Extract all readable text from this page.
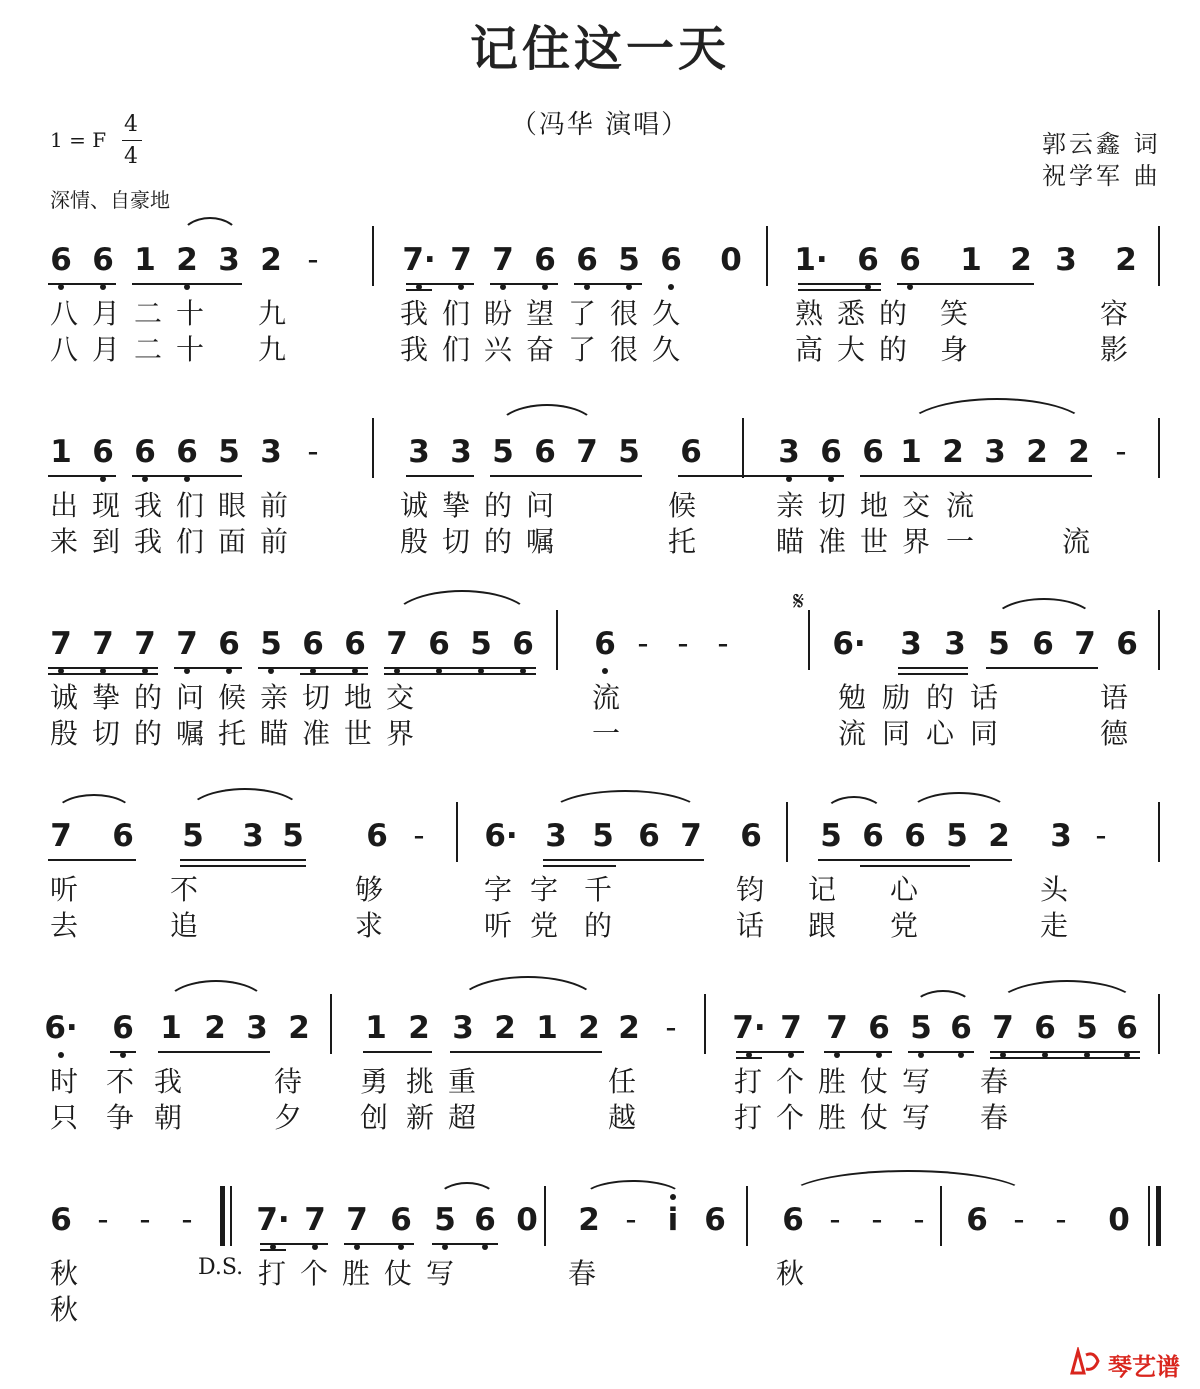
记住这一天
（冯华 演唱）
1 = F
4
4
深情、自豪地
郭云鑫 词
祝学军 曲
𝄋
D.S.
6 6 1 2 3 2 -	7· 7 7 6 6 5 6 0 1· 6 6 1 2 3 2
八 月 二 十 九	我 们 盼 望 了 很 久	熟 悉 的 笑	容
八 月 二 十 九	我 们 兴 奋 了 很 久	高 大 的 身	影
1 6 6 6 5 3 -	3 3 5 6 7 5 6 3 6 6 1 2 3 2 2 -
出 现 我 们 眼 前	诚 挚 的 问	候	亲 切 地 交 流
来 到 我 们 面 前	殷 切 的 嘱	托	瞄 准 世 界 一	流
7 7 7 7 6 5 6 6 7 6 5 6 6 - - -	6· 3 3 5 6 7 6
诚 挚 的 问 候 亲 切 地 交	流	勉 励 的 话	语
殷 切 的 嘱 托 瞄 准 世 界	一	流 同 心 同	德
7 6 5 3 5 6 -	6· 3 5 6 7 6 5 6 6 5 2 3 -
听	不	够	字 字 千	钧 记 心	头
去	追	求	听 党 的	话 跟 党	走
6· 6 1 2 3 2 1 2 3 2 1 2 2 -	7· 7 7 6 5 6 7 6 5 6
时 不 我	待 勇 挑 重	任	打 个 胜 仗 写 春
只 争 朝	夕 创 新 超	越	打 个 胜 仗 写 春
6 - - -	7· 7 7 6 5 6 0 2 -	i 6 6 - - -	6 - -	0
秋	打 个 胜 仗 写	春	秋
秋
琴艺谱
